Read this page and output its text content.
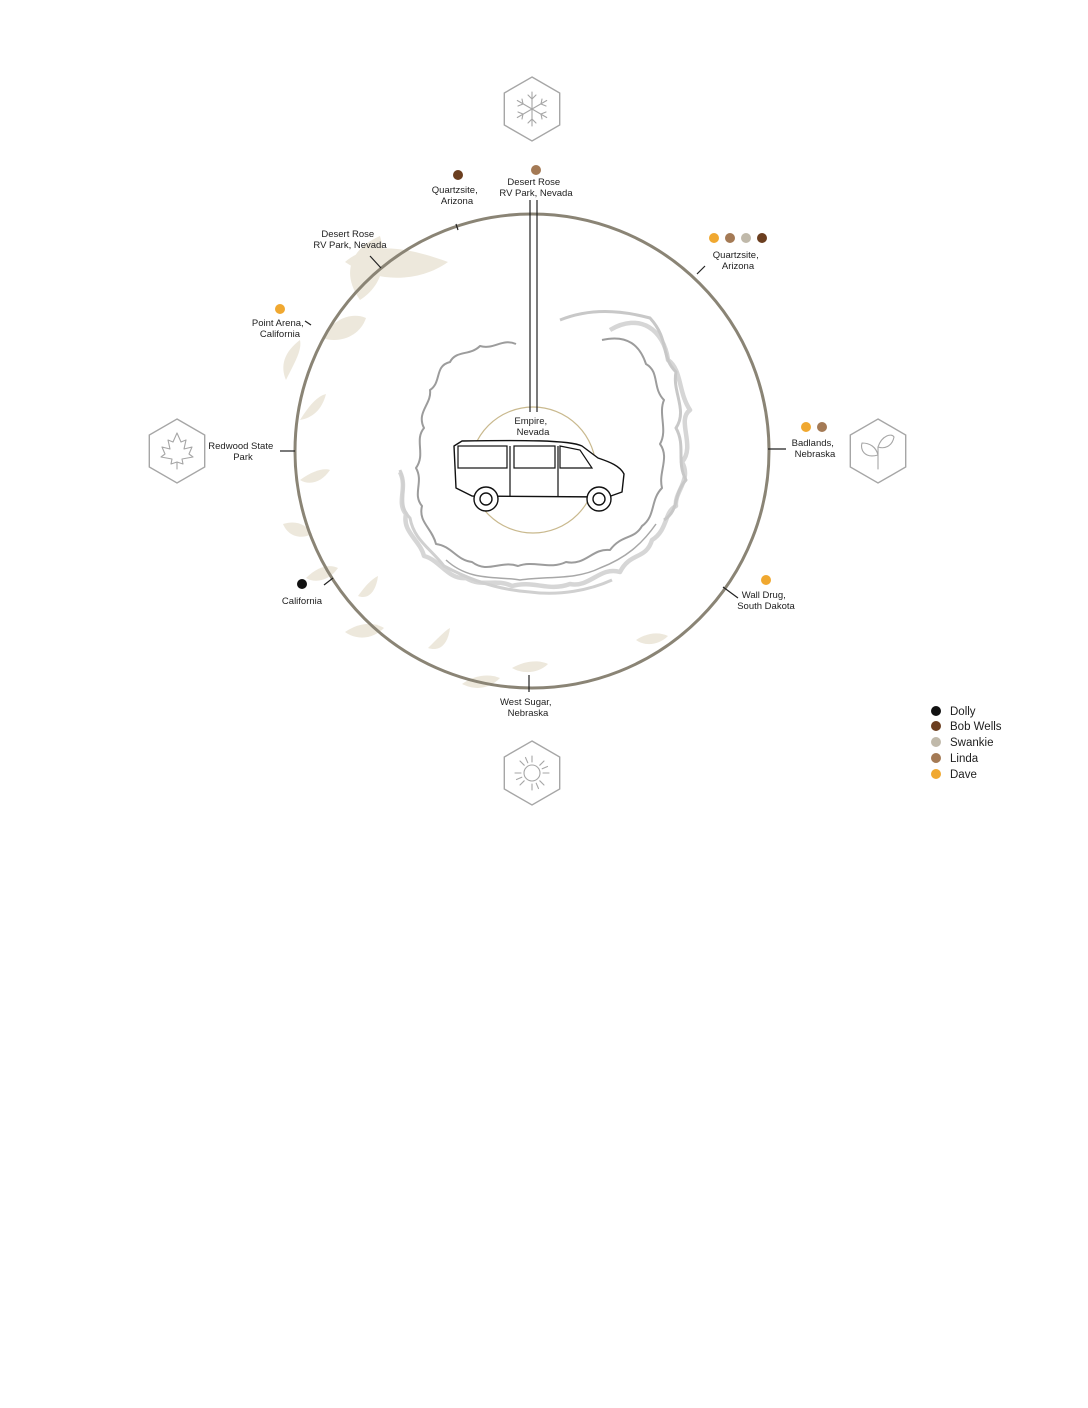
Empire, Nevada
Desert Rose RV Park, Nevada
Quartzsite, Arizona
Badlands, Nebraska
Wall Drug, South Dakota
West Sugar, Nebraska
California
Redwood State Park
Point Arena, California
Desert Rose RV Park, Nevada
Quartzsite, Arizona
Dolly
Bob Wells
Swankie
Linda
Dave
